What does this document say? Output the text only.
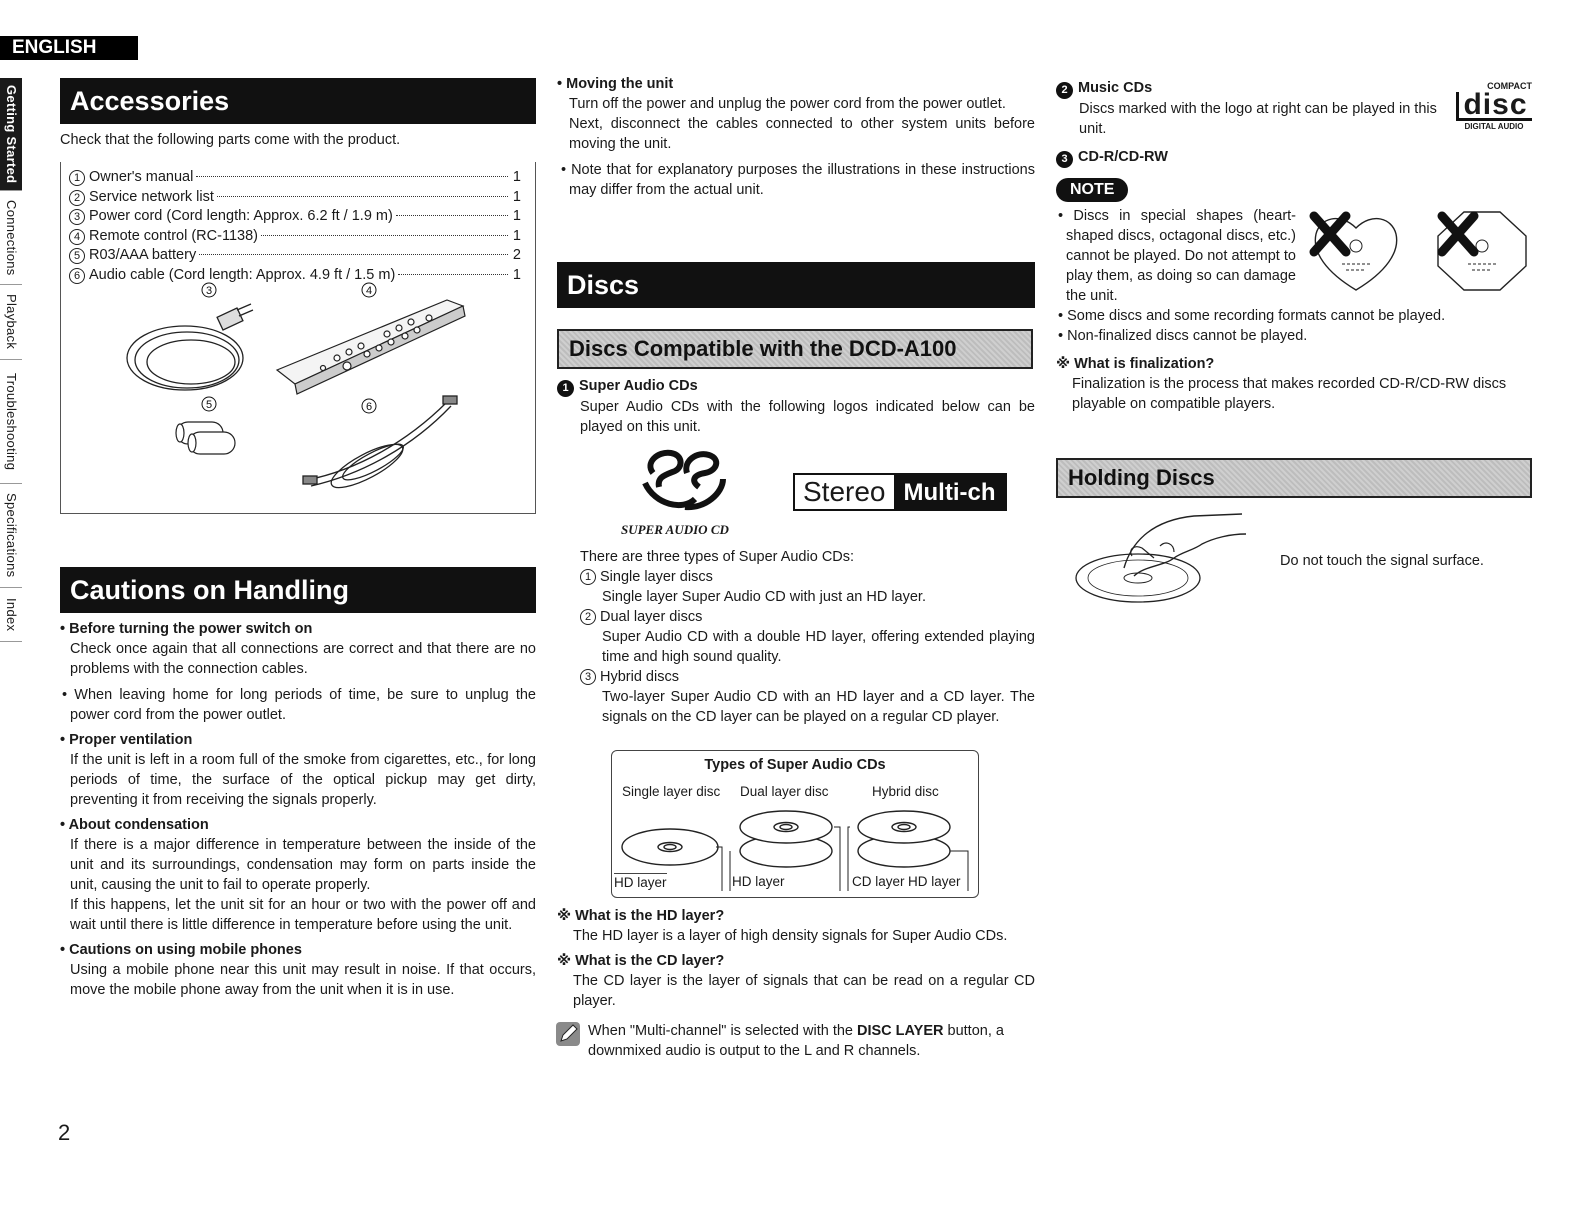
ENGLISH
Getting Started
Connections
Playback
Troubleshooting
Specifications
Index
Accessories

Check that the following parts come with the product.

1 Owner's manual	1
2 Service network list	1
3 Power cord (Cord length: Approx. 6.2 ft / 1.9 m)	1
4 Remote control (RC-1138)	1
5 R03/AAA battery	2
6 Audio cable (Cord length: Approx. 4.9 ft / 1.5 m)	1
3	4
5	6
Cautions on Handling

• Before turning the power switch on

Check once again that all connections are correct and that there are no problems with the connection cables.

• When leaving home for long periods of time, be sure to unplug the power cord from the power outlet.

• Proper ventilation

If the unit is left in a room full of the smoke from cigarettes, etc., for long periods of time, the surface of the optical pickup may get dirty, preventing it from receiving the signals properly.

• About condensation

If there is a major difference in temperature between the inside of the unit and its surroundings, condensation may form on parts inside the unit, causing the unit to fail to operate properly.

If this happens, let the unit sit for an hour or two with the power off and wait until there is little difference in temperature before using the unit.

• Cautions on using mobile phones

Using a mobile phone near this unit may result in noise. If that occurs, move the mobile phone away from the unit when it is in use.

2

• Moving the unit

Turn off the power and unplug the power cord from the power outlet.

Next, disconnect the cables connected to other system units before moving the unit.

• Note that for explanatory purposes the illustrations in these instructions may differ from the actual unit.

Discs
Discs Compatible with the DCD-A100

1 Super Audio CDs

Super Audio CDs with the following logos indicated below can be played on this unit.

SUPER AUDIO CD
Stereo Multi-ch

There are three types of Super Audio CDs:

1 Single layer discs

Single layer Super Audio CD with just an HD layer.

2 Dual layer discs

Super Audio CD with a double HD layer, offering extended playing time and high sound quality.

3 Hybrid discs

Two-layer Super Audio CD with an HD layer and a CD layer. The signals on the CD layer can be played on a regular CD player.

Types of Super Audio CDs
Single layer disc Dual layer disc	Hybrid disc
HD layer	HD layer	CD layer HD layer

※ What is the HD layer?

The HD layer is a layer of high density signals for Super Audio CDs.

※ What is the CD layer?

The CD layer is the layer of signals that can be read on a regular CD player.

When "Multi-channel" is selected with the DISC LAYER button, a downmixed audio is output to the L and R channels.

2 Music CDs

Discs marked with the logo at right can be played in this unit.

COMPACT
disc
DIGITAL AUDIO

3 CD-R/CD-RW

NOTE

• Discs in special shapes (heart-shaped discs, octagonal discs, etc.) cannot be played. Do not attempt to play them, as doing so can damage the unit.

• Some discs and some recording formats cannot be played.

• Non-finalized discs cannot be played.

※ What is finalization?

Finalization is the process that makes recorded CD-R/CD-RW discs playable on compatible players.

Holding Discs

Do not touch the signal surface.
